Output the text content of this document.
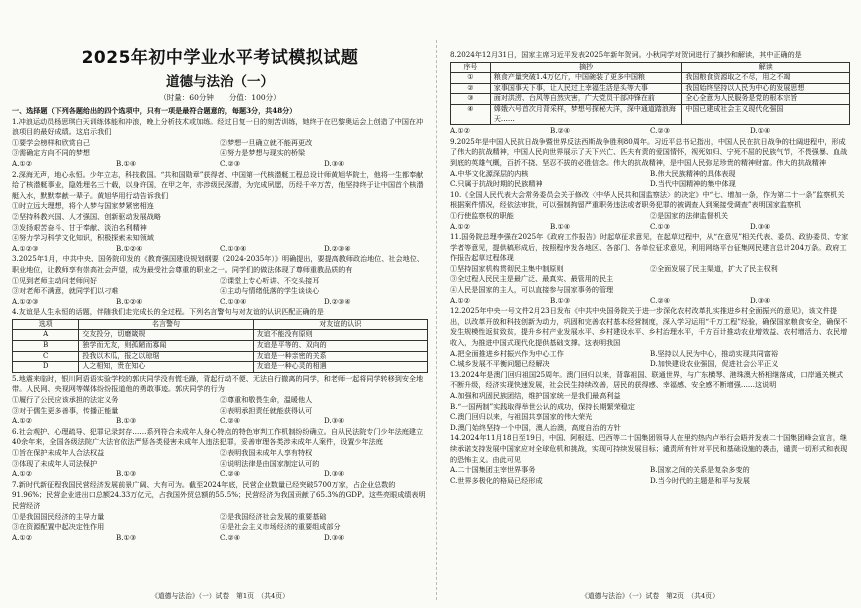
2025年初中学业水平考试模拟试题
道德与法治（一）
（时量：60分钟　　分值：100分）

一、选择题（下列各题给出的四个选项中，只有一项是最符合题意的，每题3分，共48分）

1.冲浪运动员杨思琪白天训练体能和冲浪，晚上分析技术或加练。经过日复一日的刻苦训练，她终于在巴黎奥运会上创造了中国在冲浪项目的最好成绩。这启示我们

①要学会榜样和欣赏自己	②梦想一旦确立就不能再更改
③需确定方向不同的梦想	④努力是梦想与现实的桥梁
A.①②	B.①④	C.②③	D.③④

2.深海无声，地心永恒。少年立志，科技救国。“共和国勋章”获得者、中国第一代核潜艇工程总设计师黄旭华院士，他将一生都奉献给了核潜艇事业，隐姓埋名三十载，以身许国，在甲之年，亦涉级民深潜，为完成夙愿，历经千辛万苦，他坚持终于让中国首个核潜艇入水，默默奉献一辈子。黄旭华用行动告诉我们

①时立远大理想，将个人梦与国家梦紧密相连

②坚持科教兴国、人才强国、创新驱动发展战略

③发扬艰苦奋斗、甘于奉献、淡泊名利精神

④努力学习科学文化知识，积极探索未知领域

A.①②③	B.①②④	C.①③④	D.②③④

3.2025年1月，中共中央、国务院印发的《教育强国建设规划纲要（2024-2035年）》明确提出，要提高教师政治地位、社会地位、职业地位，让教师享有崇高社会声望，成为最受社会尊重的职业之一。同学们的做法体现了尊师重教品质的有

①见到老师主动问老师问好	②课堂上专心听讲、不交头接耳
③对老师不满意，就同学们以刁难	④主动与情绪低落的学生谈谈心
A.①②③	B.①②④	C.①③④	D.②③④

4.友谊是人生永恒的话题，伴随我们走完成长的全过程。下列名言警句与对友谊的认识匹配正确的是

选项	名言警句	对友谊的认识
A	交友投分，切磨箴规	友谊不能没有原则
B	独学而无友，则孤陋而寡闻	友谊是平等的、双向的
C	投我以木瓜，报之以琼琚	友谊是一种亲密的关系
D	人之相知，贵在知心	友谊是一种心灵的相遇

5.地震来临时，银川阿语语实验学校的郭庆同学没有慌毛躁，背起行动不便、无法自行撤离的同学，和老师一起将同学转移到安全地带。人民网、央视网等媒体纷纷报道他的勇敢事迹。郭庆同学的行为

①履行了公民应该承担的法定义务	②尊重和敬畏生命，温暖他人
③对于儒生更多善事，传播正能量	④表明承担责任就能获得认可
A.①②	B.①③	C.②④	D.③④

6.社会观护、心理疏导、犯罪记录封存……系列符合未成年人身心特点的特色审判工作机制纷纷确立。自从民法院专门少年法庭建立40余年来，全国各级法院广大法官依法严惩各类侵害未成年人违法犯罪，妥善审理各类涉未成年人案件，设置少年法庭

①旨在保护未成年人合法权益	②表明我国未成年人享有特权
③体现了未成年人司法保护	④说明法律是由国家制定认可的
A.①②	B.①③	C.②④	D.③④

7.新时代新征程我国民营经济发展前景广阔、大有可为。截至2024年底，民营企业数量已经突破5700万家，占企业总数的91.96%；民营企业进出口总额24.33万亿元，占我国外贸总额的55.5%；民营经济为我国贡献了65.3%的GDP。这些亮眼成绩表明民营经济

①是我国国民经济的主导力量	②是我国经济社会发展的重要基础
③在资源配置中起决定性作用	④是社会主义市场经济的重要组成部分
A.①②	B.①③	C.②④	D.③④
《道德与法治》（一）试卷　第1页　（共4页）

8.2024年12月31日，国家主席习近平发表2025年新年贺词。小秋同学对贺词进行了摘抄和解读，其中正确的是

序号	摘抄	解读
①	粮食产量突破1.4万亿斤，中国碗装了更多中国粮	我国粮食资源取之不尽，用之不竭
②	家事国事天下事，让人民过上幸福生活是头等大事	我国始终坚持以人民为中心的发展思想
③	面对洪涝、台风等自然灾害，广大党员干部冲锋在前	全心全意为人民服务是党的根本宗旨
④	嫦娥六号首次月背采样，梦想号探秘大洋，深中通道踏浪海天……	中国已建成社会主义现代化强国
A.①②	B.②④	C.②③	D.①④

9.2025年是中国人民抗日战争暨世界反法西斯战争胜利80周年。习近平总书记指出，中国人民在抗日战争的壮阔进程中，形成了伟大的抗战精神，中国人民向世界展示了天下兴亡、匹夫有责的爱国情怀，视死如归、宁死不屈的民族气节，不畏强暴、血战到底的英雄气概，百折不挠、坚忍不拔的必胜信念。伟大的抗战精神，是中国人民弥足珍贵的精神财富。伟大的抗战精神

A.中华文化源深层的内核	B.伟大民族精神的具体表现
C.只属于抗战时期的民族精神	D.当代中国精神的集中体现

10.《全国人民代表大会常务委员会关于修改〈中华人民共和国监察法〉的决定》中“七、增加一条，作为第二十一条”监察机关根据案件情况，经依法审批，可以强制拘留严重职务违法或者职务犯罪的被调查人到案接受调查”表明国家监察机

①行使监察权的职能	②是国家的法律监督机关
A.①②	B.①④	C.①③	D.③④

11.国务院总理李强在2025年《政府工作报告》时起草征求意见，在起草过程中，从“在意见”相关代表、委员、政协委员、专家学者等意见，提供稿形成后，按照程序发各地区、各部门、各单位征求意见，利用网络平台征集网民建言总计204万条。政府工作报告起草过程体现

①坚持国家机构贯彻民主集中制原则	②全面发展了民主渠道，扩大了民主权利

③全过程人民民主是最广泛、最真实、最管用的民主

④人民是国家的主人，可以直接参与国家事务的管理

A.①②	B.①③	C.②④	D.③④

12.2025年中央一号文件2月23日发布《中共中央国务院关于进一步深化农村改革扎实推进乡村全面振兴的意见》，该文件提出，以改革开放和科技创新为动力，巩固和完善农村基本经营制度，深入学习运用“千万工程”经验，确保国家粮食安全，确保不发生规模性返贫致贫，提升乡村产业发展水平、乡村建设水平、乡村治理水平，千方百计推动农业增效益、农村增活力、农民增收入，为推进中国式现代化提供基础支撑。这表明我国

A.把全面推进乡村振兴作为中心工作	B.坚持以人民为中心，推动实现共同富裕
C.城乡发展不平衡问题已经解决	D.加快建设农业强国，促进社会公平正义

13.2024年是澳门回归祖国25周年。澳门回归以来，背靠祖国、联通世界，与广东横琴、港珠澳大桥相继落成，口岸通关模式不断升级，经济实现快速发展，社会民生持续改善，居民的获得感、幸福感、安全感不断增强……这说明

A.加强和巩固民族团结，维护国家统一是我们最高利益

B.“一国两制”实践取得举世公认的成功，保持长期繁荣稳定

C.澳门回归以来，与祖国共享国家的伟大荣光

D.澳门始终坚持一个中国，澳人治澳，高度自治的方针

14.2024年11月18日至19日，中国、阿根廷、巴西等二十国集团领导人在里约热内卢举行会晤并发表二十国集团峰会宣言，继续承诺支持发展中国家应对全球危机和挑战，实现可持续发展目标；谴责所有针对平民和基础设施的袭击，谴责一切形式和表现的恐怖主义。由此可见

A.二十国集团主宰世界事务	B.国家之间的关系是复杂多变的
C.世界多极化的格局已经形成	D.当今时代的主题是和平与发展
《道德与法治》（一）试卷　第2页　（共4页）
